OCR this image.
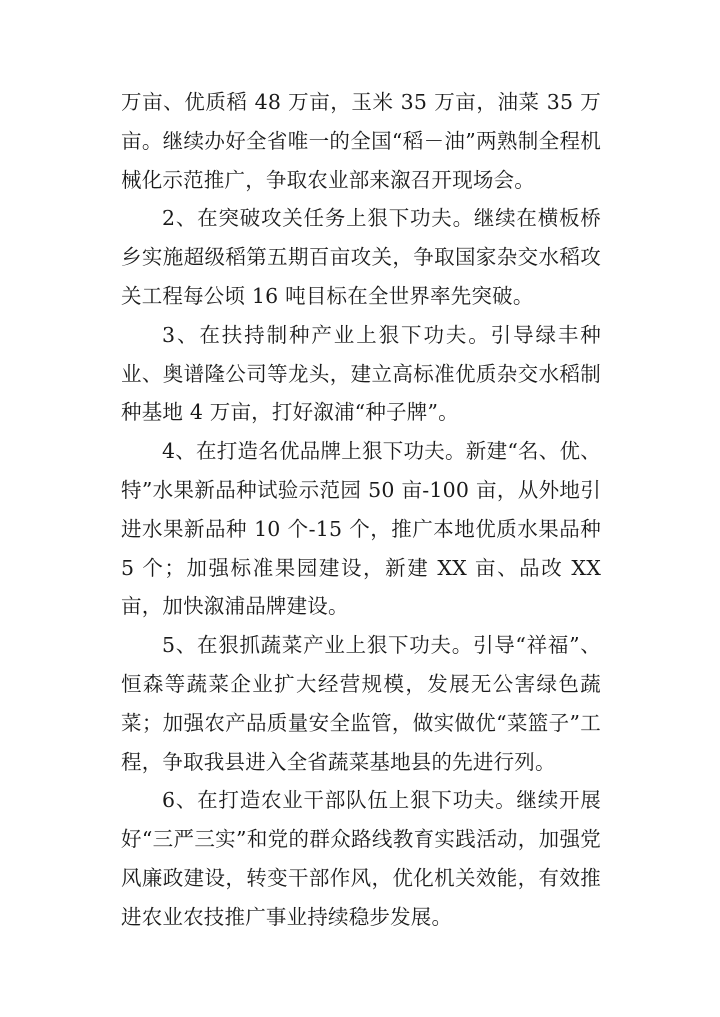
万亩、优质稻 48 万亩，玉米 35 万亩，油菜 35 万亩。继续办好全省唯一的全国“稻－油”两熟制全程机械化示范推广，争取农业部来溆召开现场会。

2、在突破攻关任务上狠下功夫。继续在横板桥乡实施超级稻第五期百亩攻关，争取国家杂交水稻攻关工程每公顷 16 吨目标在全世界率先突破。

3、在扶持制种产业上狠下功夫。引导绿丰种业、奥谱隆公司等龙头，建立高标准优质杂交水稻制种基地 4 万亩，打好溆浦“种子牌”。

4、在打造名优品牌上狠下功夫。新建“名、优、特”水果新品种试验示范园 50 亩-100 亩，从外地引进水果新品种 10 个-15 个，推广本地优质水果品种 5 个；加强标准果园建设，新建 XX 亩、品改 XX 亩，加快溆浦品牌建设。

5、在狠抓蔬菜产业上狠下功夫。引导“祥福”、恒森等蔬菜企业扩大经营规模，发展无公害绿色蔬菜；加强农产品质量安全监管，做实做优“菜篮子”工程，争取我县进入全省蔬菜基地县的先进行列。

6、在打造农业干部队伍上狠下功夫。继续开展好“三严三实”和党的群众路线教育实践活动，加强党风廉政建设，转变干部作风，优化机关效能，有效推进农业农技推广事业持续稳步发展。
